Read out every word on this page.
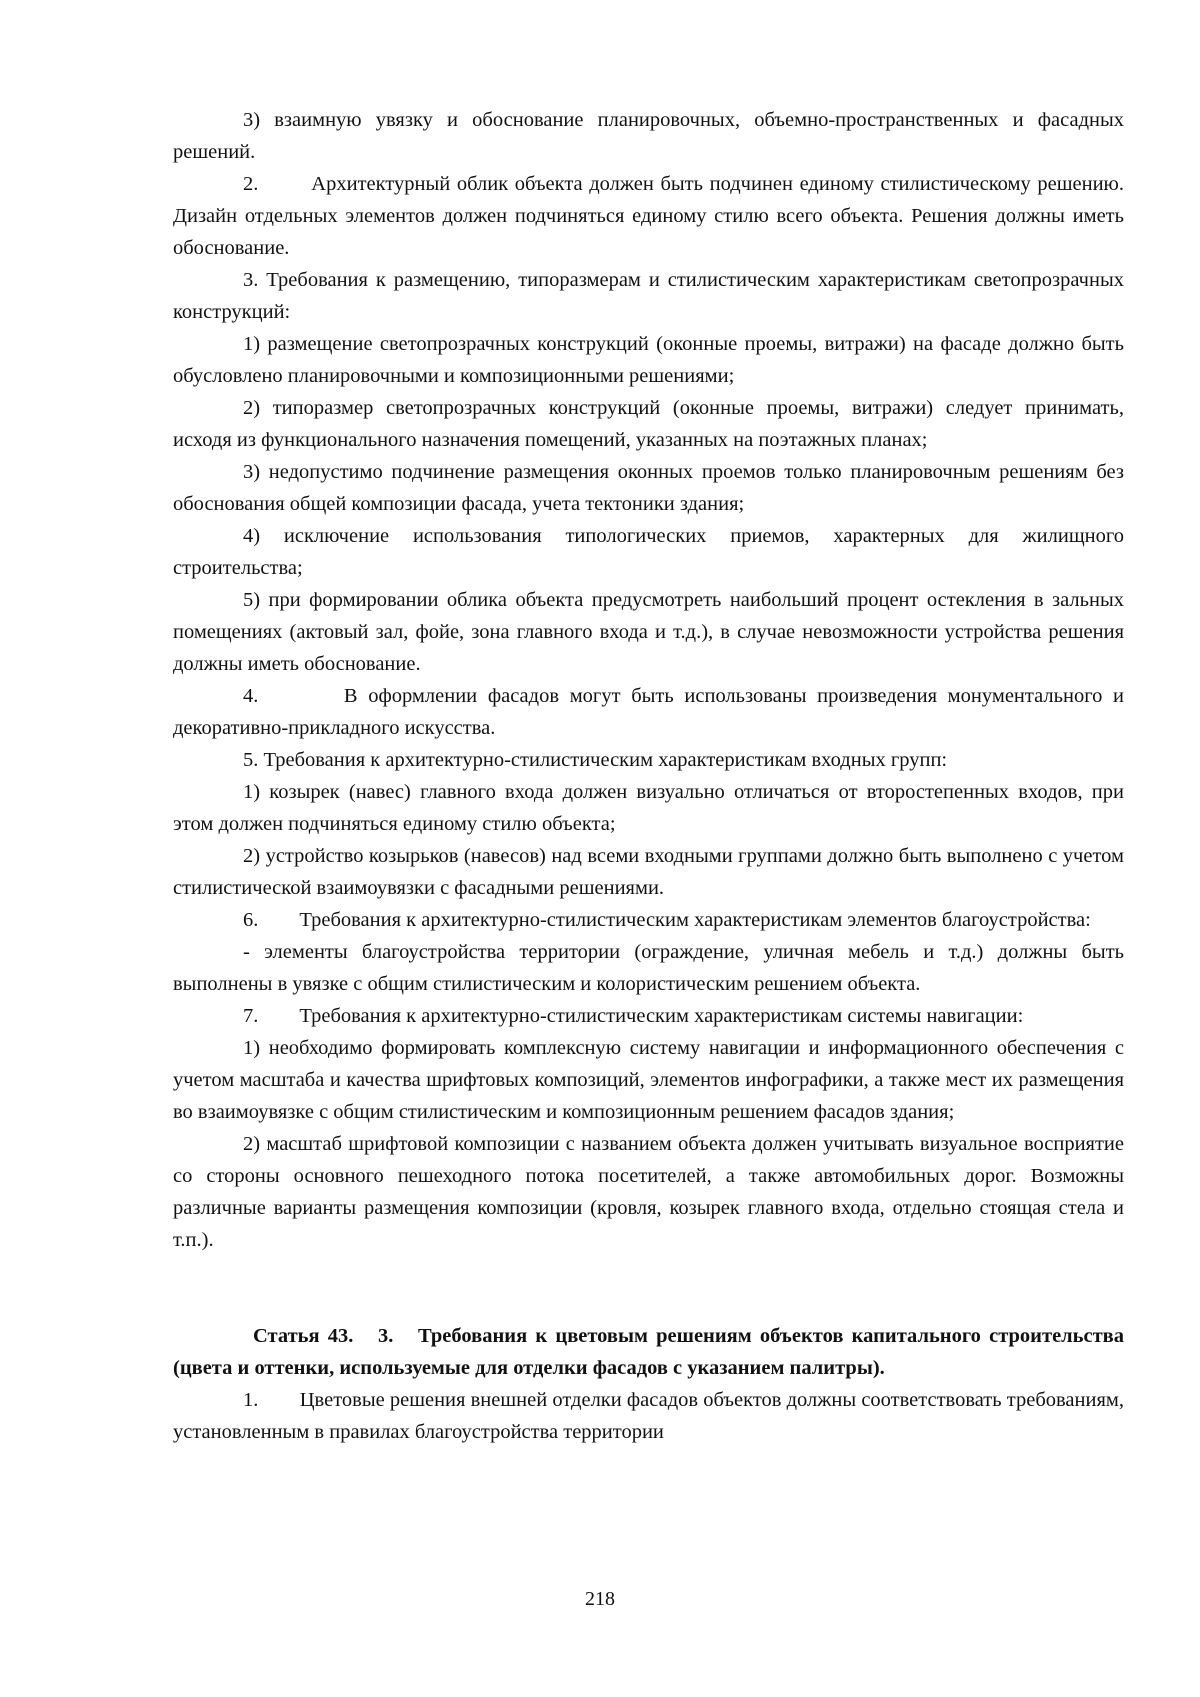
3) взаимную увязку и обоснование планировочных, объемно-пространственных и фасадных решений.

2.        Архитектурный облик объекта должен быть подчинен единому стилистическому решению. Дизайн отдельных элементов должен подчиняться единому стилю всего объекта. Решения должны иметь обоснование.

3. Требования к размещению, типоразмерам и стилистическим характеристикам светопрозрачных конструкций:

1) размещение светопрозрачных конструкций (оконные проемы, витражи) на фасаде должно быть обусловлено планировочными и композиционными решениями;

2) типоразмер светопрозрачных конструкций (оконные проемы, витражи) следует принимать, исходя из функционального назначения помещений, указанных на поэтажных планах;

3) недопустимо подчинение размещения оконных проемов только планировочным решениям без обоснования общей композиции фасада, учета тектоники здания;

4) исключение использования типологических приемов, характерных для жилищного строительства;

5) при формировании облика объекта предусмотреть наибольший процент остекления в зальных помещениях (актовый зал, фойе, зона главного входа и т.д.), в случае невозможности устройства решения должны иметь обоснование.

4.        В оформлении фасадов могут быть использованы произведения монументального и декоративно-прикладного искусства.

5. Требования к архитектурно-стилистическим характеристикам входных групп:

1) козырек (навес) главного входа должен визуально отличаться от второстепенных входов, при этом должен подчиняться единому стилю объекта;

2) устройство козырьков (навесов) над всеми входными группами должно быть выполнено с учетом стилистической взаимоувязки с фасадными решениями.

6.        Требования к архитектурно-стилистическим характеристикам элементов благоустройства:

- элементы благоустройства территории (ограждение, уличная мебель и т.д.) должны быть выполнены в увязке с общим стилистическим и колористическим решением объекта.

7.        Требования к архитектурно-стилистическим характеристикам системы навигации:

1) необходимо формировать комплексную систему навигации и информационного обеспечения с учетом масштаба и качества шрифтовых композиций, элементов инфографики, а также мест их размещения во взаимоувязке с общим стилистическим и композиционным решением фасадов здания;

2) масштаб шрифтовой композиции с названием объекта должен учитывать визуальное восприятие со стороны основного пешеходного потока посетителей, а также автомобильных дорог. Возможны различные варианты размещения композиции (кровля, козырек главного входа, отдельно стоящая стела и т.п.).

Статья 43.   3.   Требования к цветовым решениям объектов капитального строительства (цвета и оттенки, используемые для отделки фасадов с указанием палитры).

1.        Цветовые решения внешней отделки фасадов объектов должны соответствовать требованиям, установленным в правилах благоустройства территории

218
